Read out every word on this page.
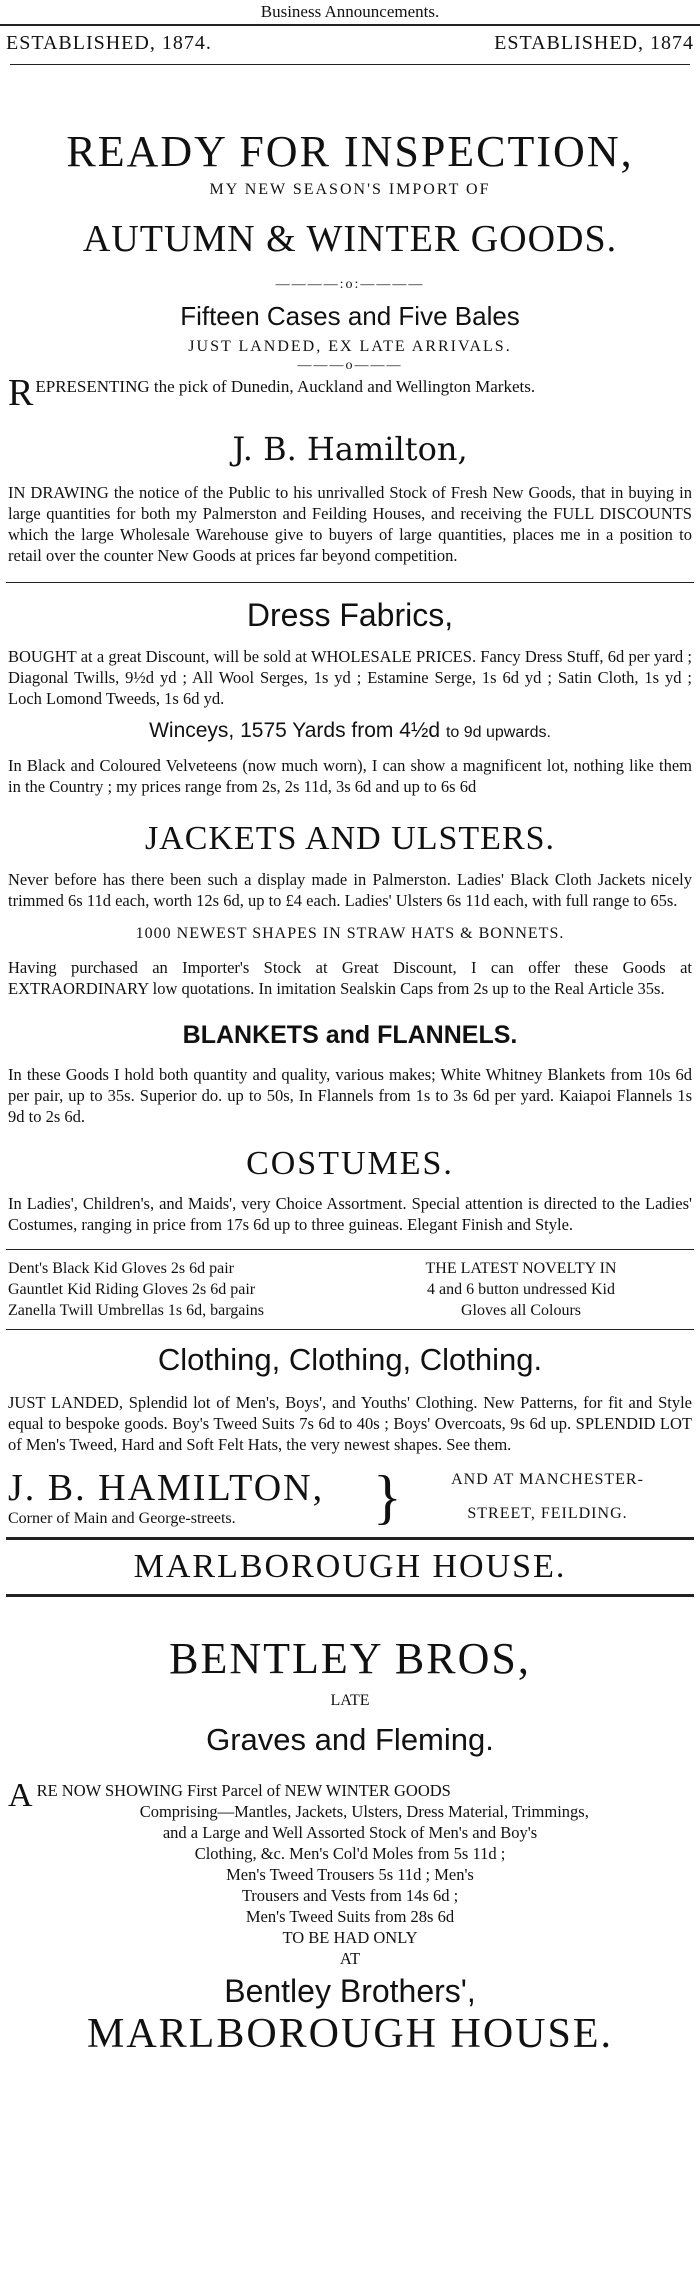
Business Announcements.
ESTABLISHED, 1874.	ESTABLISHED, 1874
READY FOR INSPECTION,
MY NEW SEASON'S IMPORT OF
AUTUMN & WINTER GOODS.
————:o:————
Fifteen Cases and Five Bales
JUST LANDED, EX LATE ARRIVALS.
———o———
R EPRESENTING the pick of Dunedin, Auckland and Wellington Markets.
J. B. Hamilton,
IN DRAWING the notice of the Public to his unrivalled Stock of Fresh New Goods, that in buying in large quantities for both my Palmerston and Feilding Houses, and receiving the FULL DISCOUNTS which the large Wholesale Warehouse give to buyers of large quantities, places me in a position to retail over the counter New Goods at prices far beyond competition.
Dress Fabrics,
BOUGHT at a great Discount, will be sold at WHOLESALE PRICES. Fancy Dress Stuff, 6d per yard ; Diagonal Twills, 9½d yd ; All Wool Serges, 1s yd ; Estamine Serge, 1s 6d yd ; Satin Cloth, 1s yd ; Loch Lomond Tweeds, 1s 6d yd.
Winceys, 1575 Yards from 4½d to 9d upwards.
In Black and Coloured Velveteens (now much worn), I can show a magnificent lot, nothing like them in the Country ; my prices range from 2s, 2s 11d, 3s 6d and up to 6s 6d
JACKETS AND ULSTERS.
Never before has there been such a display made in Palmerston. Ladies' Black Cloth Jackets nicely trimmed 6s 11d each, worth 12s 6d, up to £4 each. Ladies' Ulsters 6s 11d each, with full range to 65s.
1000 NEWEST SHAPES IN STRAW HATS & BONNETS.
Having purchased an Importer's Stock at Great Discount, I can offer these Goods at EXTRAORDINARY low quotations. In imitation Sealskin Caps from 2s up to the Real Article 35s.
BLANKETS and FLANNELS.
In these Goods I hold both quantity and quality, various makes; White Whitney Blankets from 10s 6d per pair, up to 35s. Superior do. up to 50s, In Flannels from 1s to 3s 6d per yard. Kaiapoi Flannels 1s 9d to 2s 6d.
COSTUMES.
In Ladies', Children's, and Maids', very Choice Assortment. Special attention is directed to the Ladies' Costumes, ranging in price from 17s 6d up to three guineas. Elegant Finish and Style.
Dent's Black Kid Gloves 2s 6d pair
Gauntlet Kid Riding Gloves 2s 6d pair
Zanella Twill Umbrellas 1s 6d, bargains
THE LATEST NOVELTY IN
4 and 6 button undressed Kid
Gloves all Colours
Clothing, Clothing, Clothing.
JUST LANDED, Splendid lot of Men's, Boys', and Youths' Clothing. New Patterns, for fit and Style equal to bespoke goods. Boy's Tweed Suits 7s 6d to 40s ; Boys' Overcoats, 9s 6d up. SPLENDID LOT of Men's Tweed, Hard and Soft Felt Hats, the very newest shapes. See them.
J. B. HAMILTON,
Corner of Main and George-streets.	}	AND AT MANCHESTER-
STREET, FEILDING.
MARLBOROUGH HOUSE.
BENTLEY BROS,
LATE
Graves and Fleming.
A RE NOW SHOWING First Parcel of NEW WINTER GOODS
Comprising—Mantles, Jackets, Ulsters, Dress Material, Trimmings,
and a Large and Well Assorted Stock of Men's and Boy's
Clothing, &c. Men's Col'd Moles from 5s 11d ;
Men's Tweed Trousers 5s 11d ; Men's
Trousers and Vests from 14s 6d ;
Men's Tweed Suits from 28s 6d
TO BE HAD ONLY
AT
Bentley Brothers',
MARLBOROUGH HOUSE.
